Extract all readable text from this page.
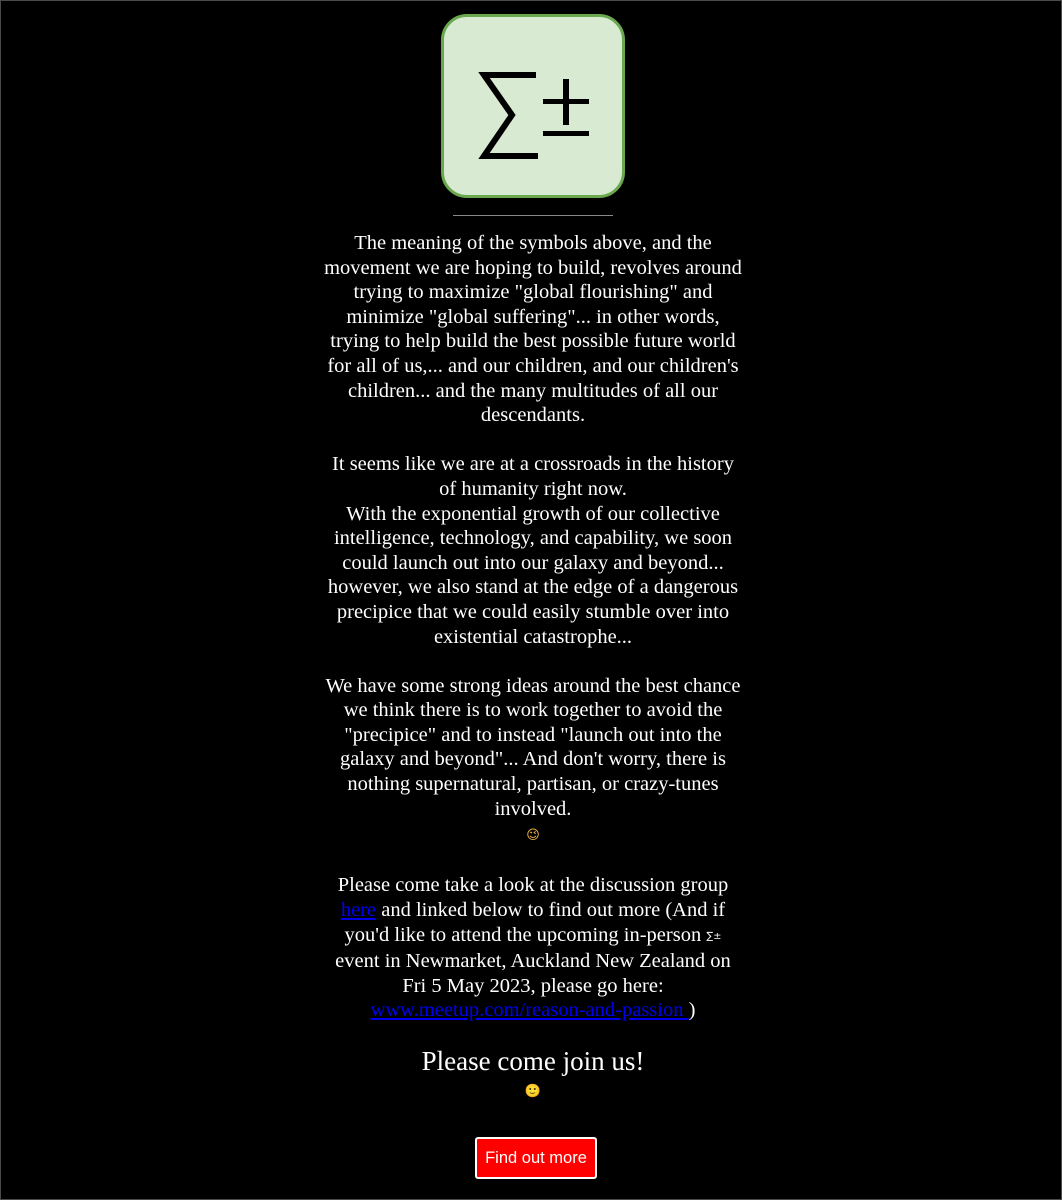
The meaning of the symbols above, and the
movement we are hoping to build, revolves around
trying to maximize "global flourishing" and
minimize "global suffering"... in other words,
trying to help build the best possible future world
for all of us,... and our children, and our children's
children... and the many multitudes of all our
descendants.
It seems like we are at a crossroads in the history
of humanity right now.
With the exponential growth of our collective
intelligence, technology, and capability, we soon
could launch out into our galaxy and beyond...
however, we also stand at the edge of a dangerous
precipice that we could easily stumble over into
existential catastrophe...
We have some strong ideas around the best chance
we think there is to work together to avoid the
"precipice" and to instead "launch out into the
galaxy and beyond"... And don't worry, there is
nothing supernatural, partisan, or crazy-tunes
involved.
😉
Please come take a look at the discussion group
here and linked below to find out more (And if
you'd like to attend the upcoming in-person ∑±
event in Newmarket, Auckland New Zealand on
Fri 5 May 2023, please go here:
www.meetup.com/reason-and-passion )
Please come join us!
🙂
Find out more
